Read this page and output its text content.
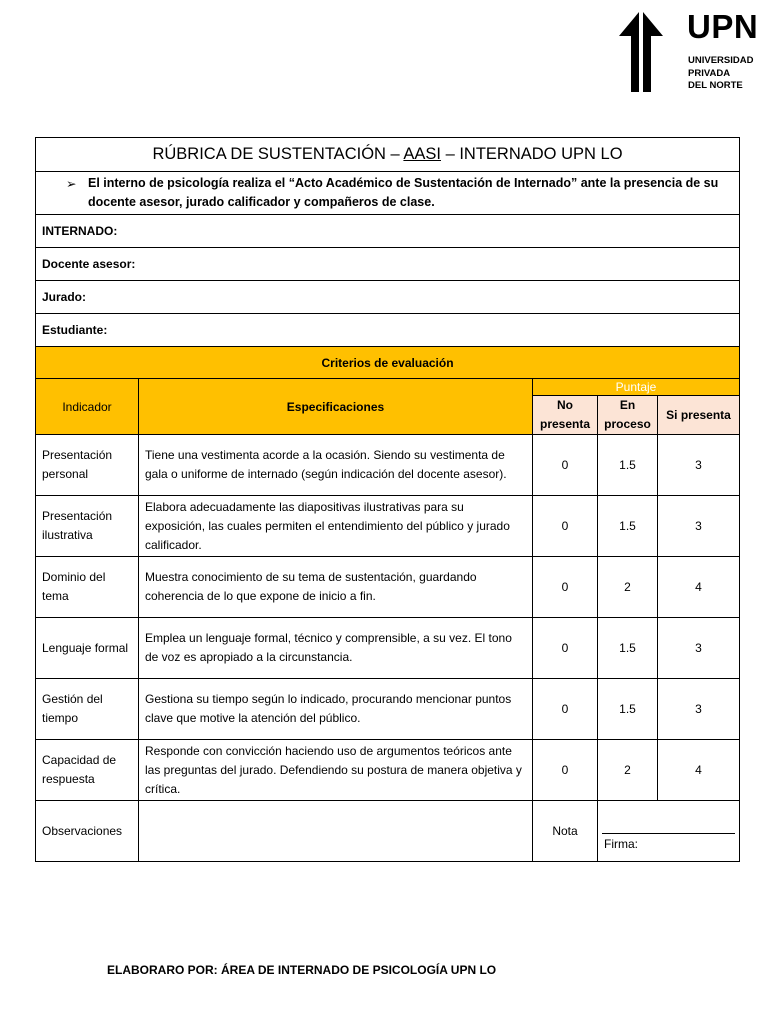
UPN
UNIVERSIDAD
PRIVADA
DEL NORTE
RÚBRICA DE SUSTENTACIÓN – AASI – INTERNADO UPN LO				

➢ El interno de psicología realiza el “Acto Académico de Sustentación de Internado” ante la presencia de su docente asesor, jurado calificador y compañeros de clase.				

INTERNADO:				
Docente asesor:				
Jurado:				
Estudiante:				
Criterios de evaluación				
Indicador	Especificaciones	Puntaje		
		No presenta	En proceso	Si presenta
Presentación personal	Tiene una vestimenta acorde a la ocasión. Siendo su vestimenta de gala o uniforme de internado (según indicación del docente asesor).	0	1.5	3
Presentación ilustrativa	Elabora adecuadamente las diapositivas ilustrativas para su exposición, las cuales permiten el entendimiento del público y jurado calificador.	0	1.5	3
Dominio del tema	Muestra conocimiento de su tema de sustentación, guardando coherencia de lo que expone de inicio a fin.	0	2	4
Lenguaje formal	Emplea un lenguaje formal, técnico y comprensible, a su vez. El tono de voz es apropiado a la circunstancia.	0	1.5	3
Gestión del tiempo	Gestiona su tiempo según lo indicado, procurando mencionar puntos clave que motive la atención del público.	0	1.5	3
Capacidad de respuesta	Responde con convicción haciendo uso de argumentos teóricos ante las preguntas del jurado. Defendiendo su postura de manera objetiva y crítica.	0	2	4
Observaciones		Nota	Firma:	
ELABORARO POR: ÁREA DE INTERNADO DE PSICOLOGÍA UPN LO
